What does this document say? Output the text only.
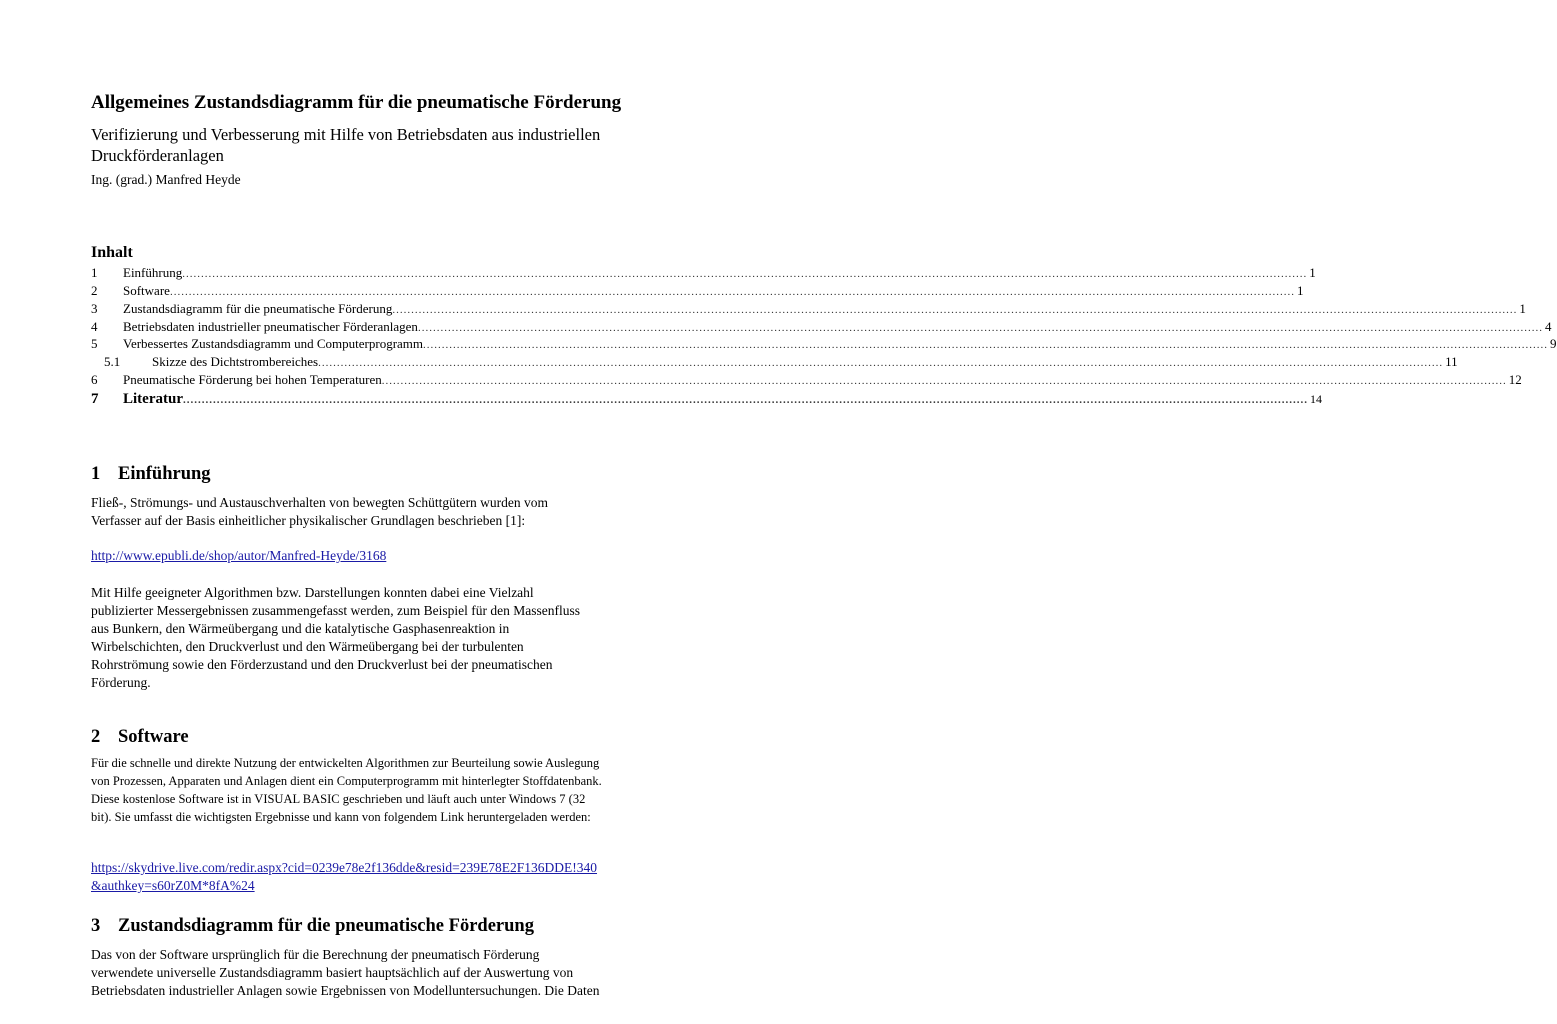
Allgemeines Zustandsdiagramm für die pneumatische Förderung
Verifizierung und Verbesserung mit Hilfe von Betriebsdaten aus industriellen Druckförderanlagen
Ing. (grad.) Manfred Heyde
Inhalt
1	Einführung ............................................................................................................................................................................................................................................................................................................ 1
2	Software ............................................................................................................................................................................................................................................................................................................ 1
3	Zustandsdiagramm für die pneumatische Förderung ............................................................................................................................................................................................................................................................................................................ 1
4	Betriebsdaten industrieller pneumatischer Förderanlagen ............................................................................................................................................................................................................................................................................................................ 4
5	Verbessertes Zustandsdiagramm und Computerprogramm ............................................................................................................................................................................................................................................................................................................ 9
5.1	Skizze des Dichtstrombereiches ............................................................................................................................................................................................................................................................................................................ 11
6	Pneumatische Förderung bei hohen Temperaturen ............................................................................................................................................................................................................................................................................................................ 12
7	Literatur ............................................................................................................................................................................................................................................................................................................ 14
1 Einführung
Fließ-, Strömungs- und Austauschverhalten von bewegten Schüttgütern wurden vom
Verfasser auf der Basis einheitlicher physikalischer Grundlagen beschrieben [1]:
http://www.epubli.de/shop/autor/Manfred-Heyde/3168
Mit Hilfe geeigneter Algorithmen bzw. Darstellungen konnten dabei eine Vielzahl
publizierter Messergebnissen zusammengefasst werden, zum Beispiel für den Massenfluss
aus Bunkern, den Wärmeübergang und die katalytische Gasphasenreaktion in
Wirbelschichten, den Druckverlust und den Wärmeübergang bei der turbulenten
Rohrströmung sowie den Förderzustand und den Druckverlust bei der pneumatischen
Förderung.
2 Software
Für die schnelle und direkte Nutzung der entwickelten Algorithmen zur Beurteilung sowie Auslegung
von Prozessen, Apparaten und Anlagen dient ein Computerprogramm mit hinterlegter Stoffdatenbank.
Diese kostenlose Software ist in VISUAL BASIC geschrieben und läuft auch unter Windows 7 (32
bit). Sie umfasst die wichtigsten Ergebnisse und kann von folgendem Link heruntergeladen werden:

https://skydrive.live.com/redir.aspx?cid=0239e78e2f136dde&resid=239E78E2F136DDE!340
&authkey=s60rZ0M*8fA%24

3 Zustandsdiagramm für die pneumatische Förderung
Das von der Software ursprünglich für die Berechnung der pneumatisch Förderung
verwendete universelle Zustandsdiagramm basiert hauptsächlich auf der Auswertung von
Betriebsdaten industrieller Anlagen sowie Ergebnissen von Modelluntersuchungen. Die Daten
